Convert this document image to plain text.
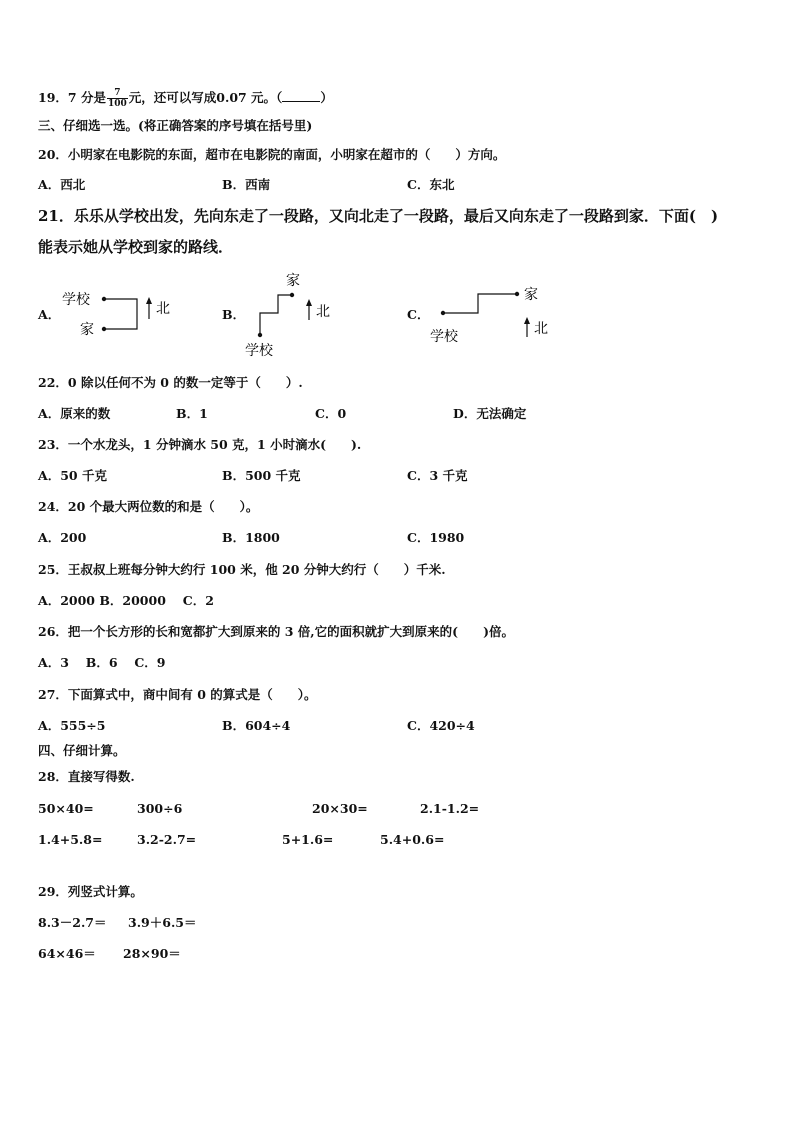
19．7 分是 $\frac{7}{100}$ 元，还可以写成0.07 元。（	）
三、仔细选一选。(将正确答案的序号填在括号里)
20．小明家在电影院的东面，超市在电影院的南面，小明家在超市的（　　）方向。
A．西北	B．西南	C．东北
21．乐乐从学校出发，先向东走了一段路，又向北走了一段路，最后又向东走了一段路到家．下面(　)
能表示她从学校到家的路线．
A．	B．	C．
学校
家
北
家
学校
北
家
学校	北
22．0 除以任何不为 0 的数一定等于（　　）.
A．原来的数	B．1	C．0	D．无法确定
23．一个水龙头，1 分钟滴水 50 克，1 小时滴水(　　).
A．50 千克	B．500 千克	C．3 千克
24．20 个最大两位数的和是（　　）。
A．200	B．1800	C．1980
25．王叔叔上班每分钟大约行 100 米，他 20 分钟大约行（　　）千米.
A．2000 B．20000　 C．2
26．把一个长方形的长和宽都扩大到原来的 3 倍,它的面积就扩大到原来的(　　)倍。
A．3　 B．6　 C．9
27．下面算式中，商中间有 0 的算式是（　　）。
A．555÷5	B．604÷4	C．420÷4
四、仔细计算。
28．直接写得数.
50×40=	300÷6	20×30=	2.1-1.2=
1.4+5.8=	3.2-2.7=	5+1.6=	5.4+0.6=
29．列竖式计算。
8.3－2.7＝ 3.9＋6.5＝
64×46＝ 28×90＝
